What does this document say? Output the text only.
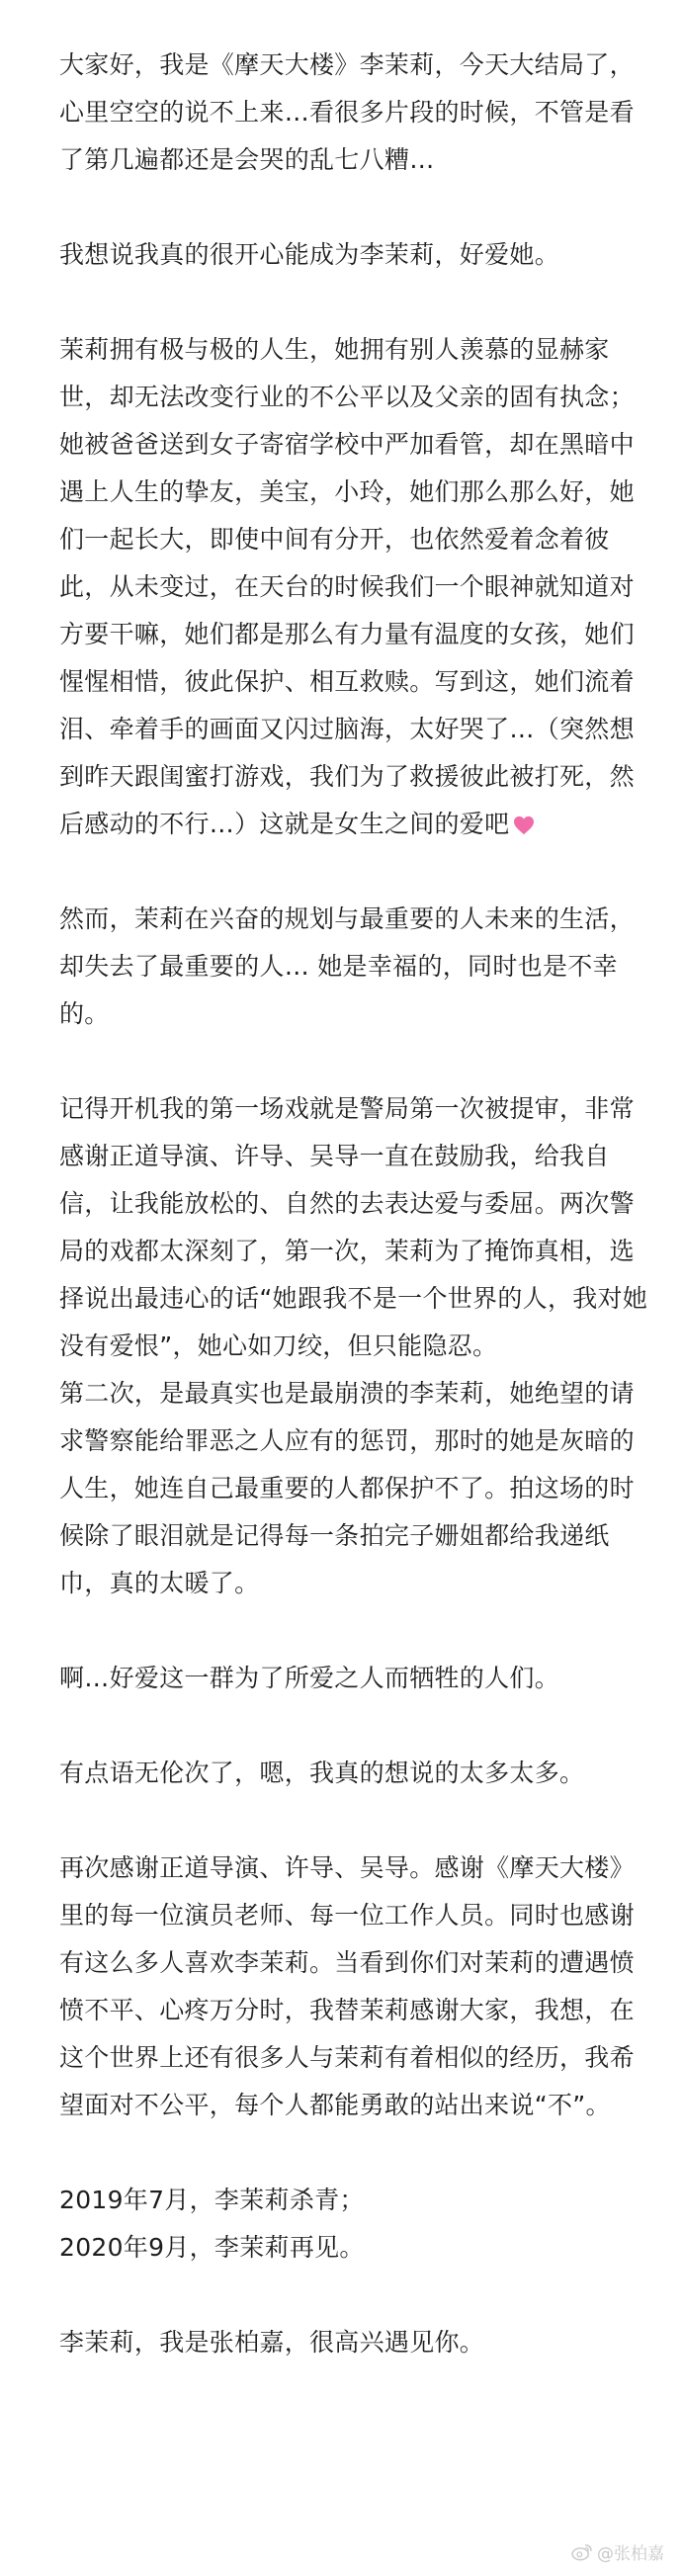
大家好，我是《摩天大楼》李茉莉，今天大结局了，心里空空的说不上来…看很多片段的时候，不管是看了第几遍都还是会哭的乱七八糟…

我想说我真的很开心能成为李茉莉，好爱她。

茉莉拥有极与极的人生，她拥有别人羡慕的显赫家世，却无法改变行业的不公平以及父亲的固有执念；她被爸爸送到女子寄宿学校中严加看管，却在黑暗中遇上人生的挚友，美宝，小玲，她们那么那么好，她们一起长大，即使中间有分开，也依然爱着念着彼此，从未变过，在天台的时候我们一个眼神就知道对方要干嘛，她们都是那么有力量有温度的女孩，她们惺惺相惜，彼此保护、相互救赎。写到这，她们流着泪、牵着手的画面又闪过脑海，太好哭了…（突然想到昨天跟闺蜜打游戏，我们为了救援彼此被打死，然后感动的不行…）这就是女生之间的爱吧

然而，茉莉在兴奋的规划与最重要的人未来的生活，却失去了最重要的人… 她是幸福的，同时也是不幸的。

记得开机我的第一场戏就是警局第一次被提审，非常感谢正道导演、许导、吴导一直在鼓励我，给我自信，让我能放松的、自然的去表达爱与委屈。两次警局的戏都太深刻了，第一次，茉莉为了掩饰真相，选择说出最违心的话“她跟我不是一个世界的人，我对她没有爱恨”，她心如刀绞，但只能隐忍。

第二次，是最真实也是最崩溃的李茉莉，她绝望的请求警察能给罪恶之人应有的惩罚，那时的她是灰暗的人生，她连自己最重要的人都保护不了。拍这场的时候除了眼泪就是记得每一条拍完子姗姐都给我递纸巾，真的太暖了。

啊…好爱这一群为了所爱之人而牺牲的人们。

有点语无伦次了，嗯，我真的想说的太多太多。

再次感谢正道导演、许导、吴导。感谢《摩天大楼》里的每一位演员老师、每一位工作人员。同时也感谢有这么多人喜欢李茉莉。当看到你们对茉莉的遭遇愤愤不平、心疼万分时，我替茉莉感谢大家，我想，在这个世界上还有很多人与茉莉有着相似的经历，我希望面对不公平，每个人都能勇敢的站出来说“不”。

2019年7月，李茉莉杀青；

2020年9月，李茉莉再见。

李茉莉，我是张柏嘉，很高兴遇见你。

@张柏嘉
